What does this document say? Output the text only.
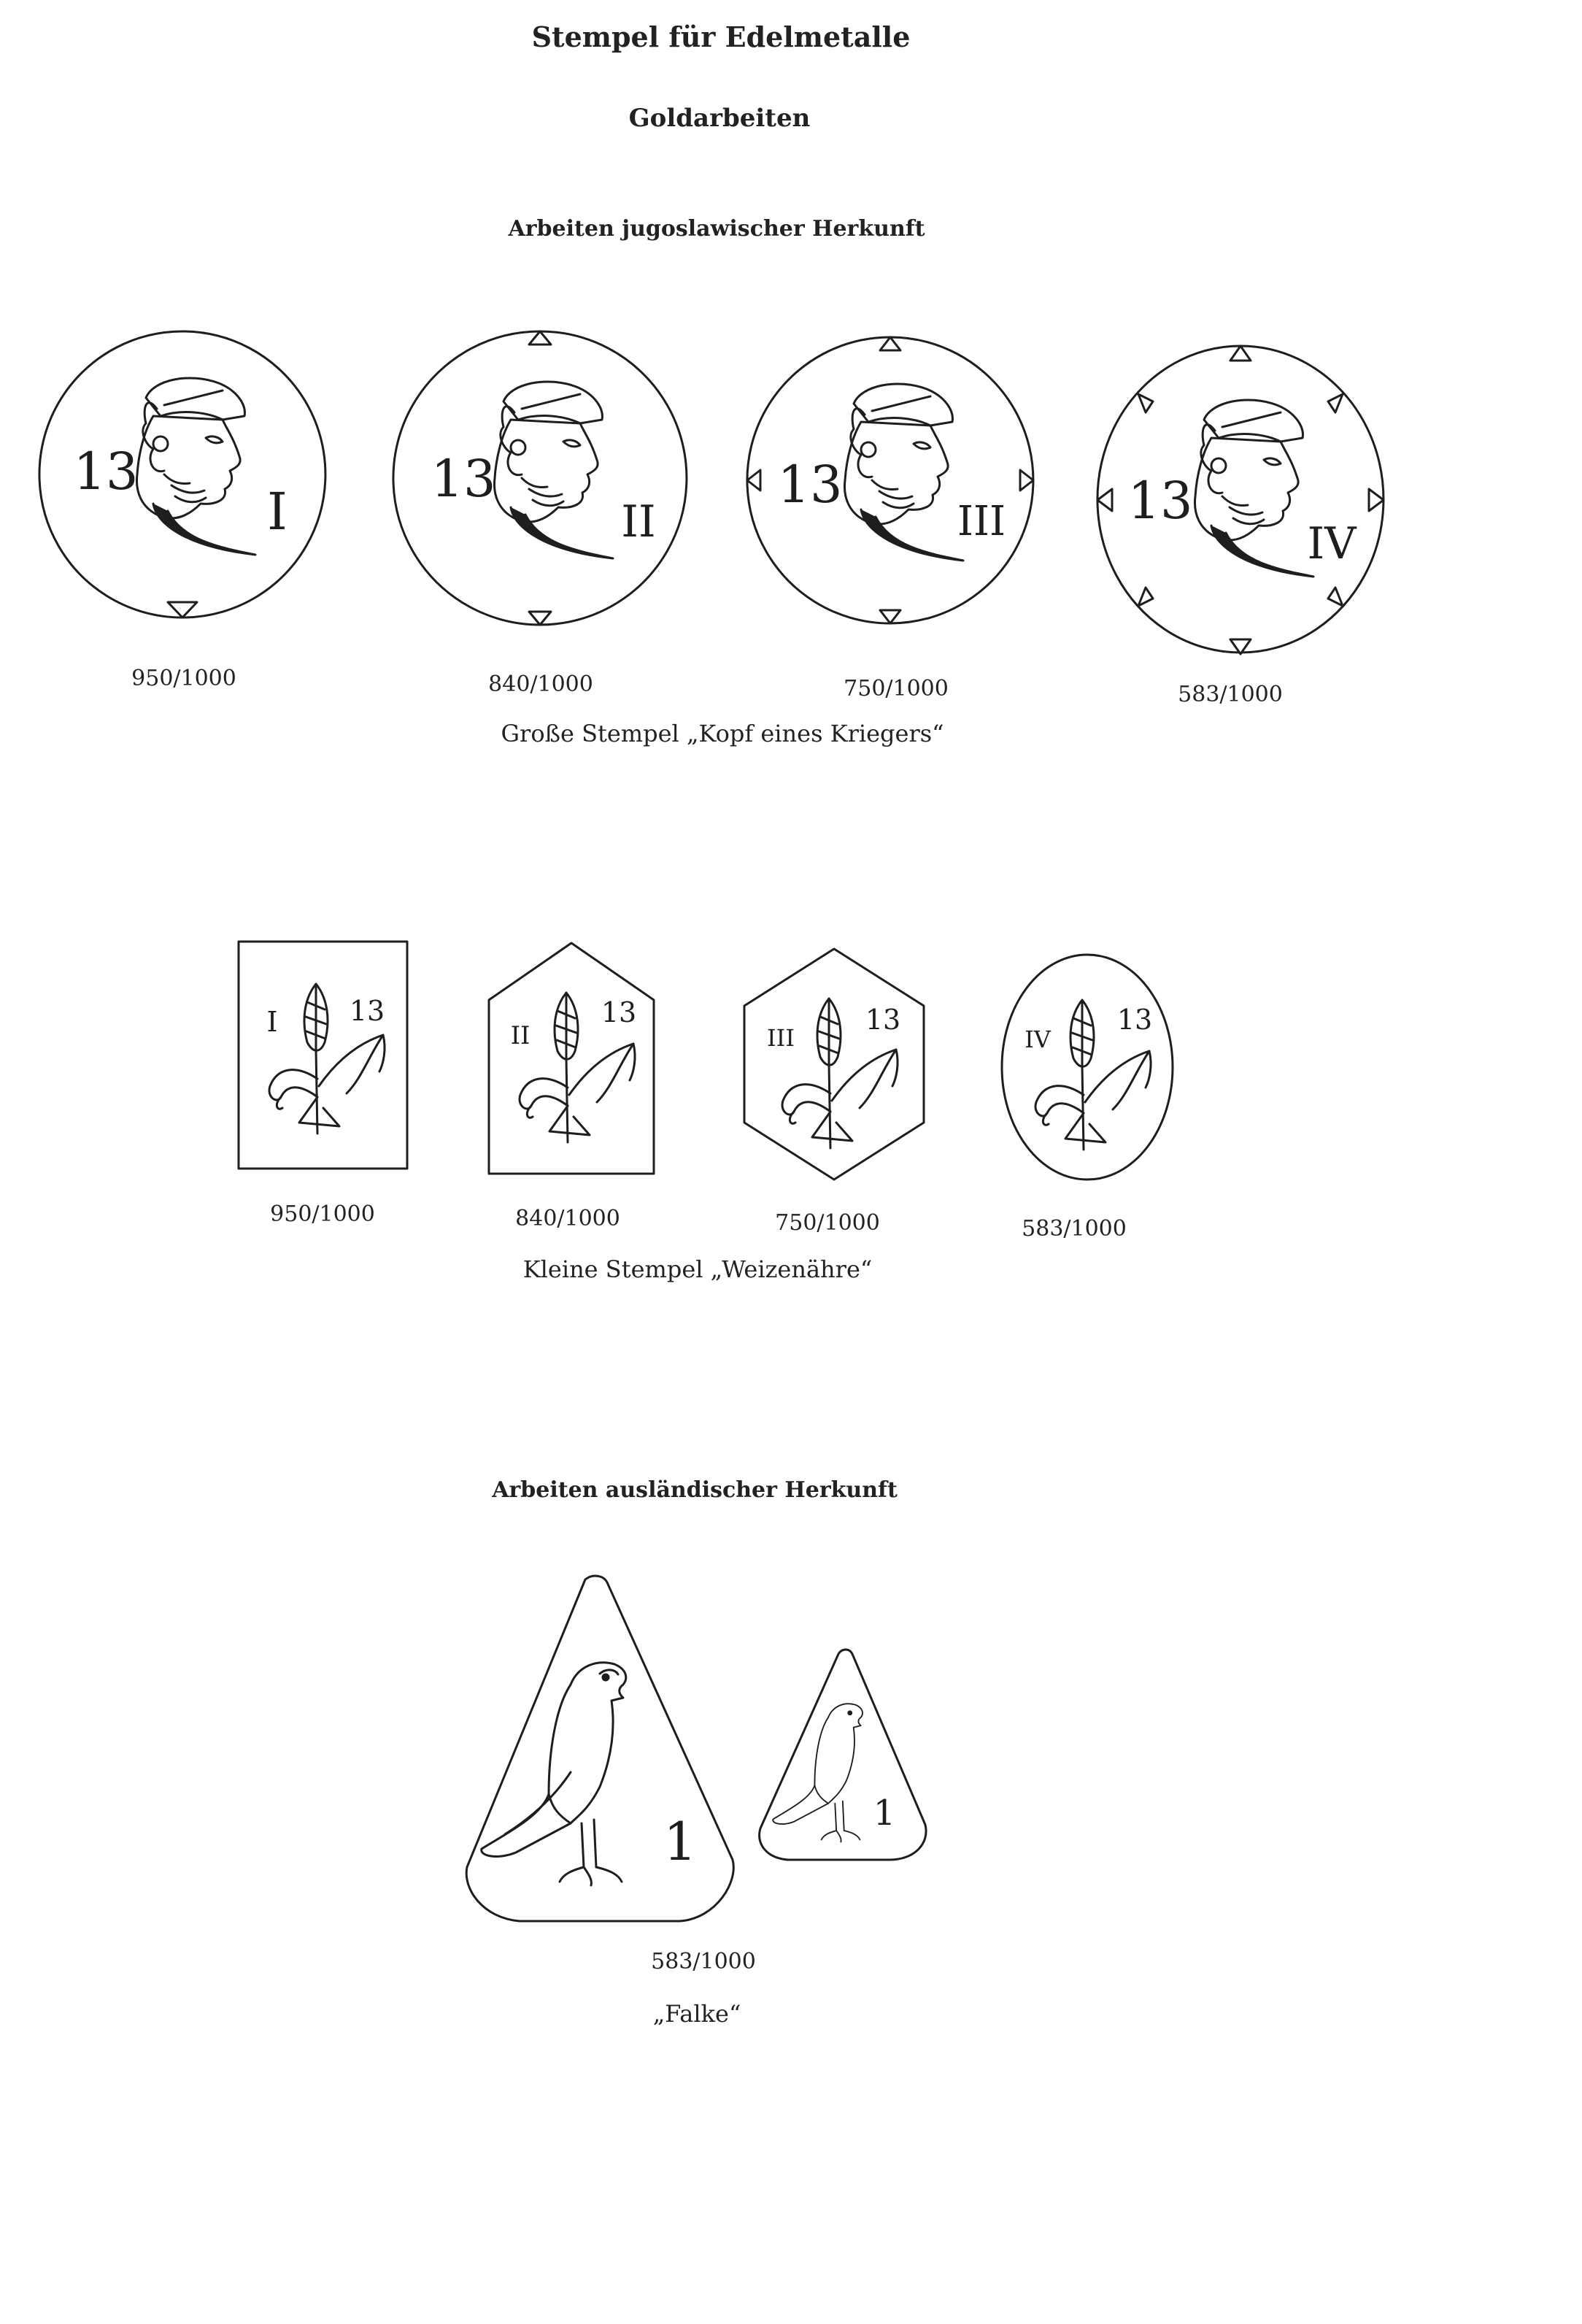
Stempel für Edelmetalle
Goldarbeiten
Arbeiten jugoslawischer Herkunft
13
I
13
II
13
III 13
IV
950/1000	840/1000	750/1000	583/1000
Große Stempel „Kopf eines Kriegers“
I	13
II
13
III
13
IV
13
950/1000	840/1000	750/1000	583/1000
Kleine Stempel „Weizenähre“
Arbeiten ausländischer Herkunft
1	1
583/1000
„Falke“
